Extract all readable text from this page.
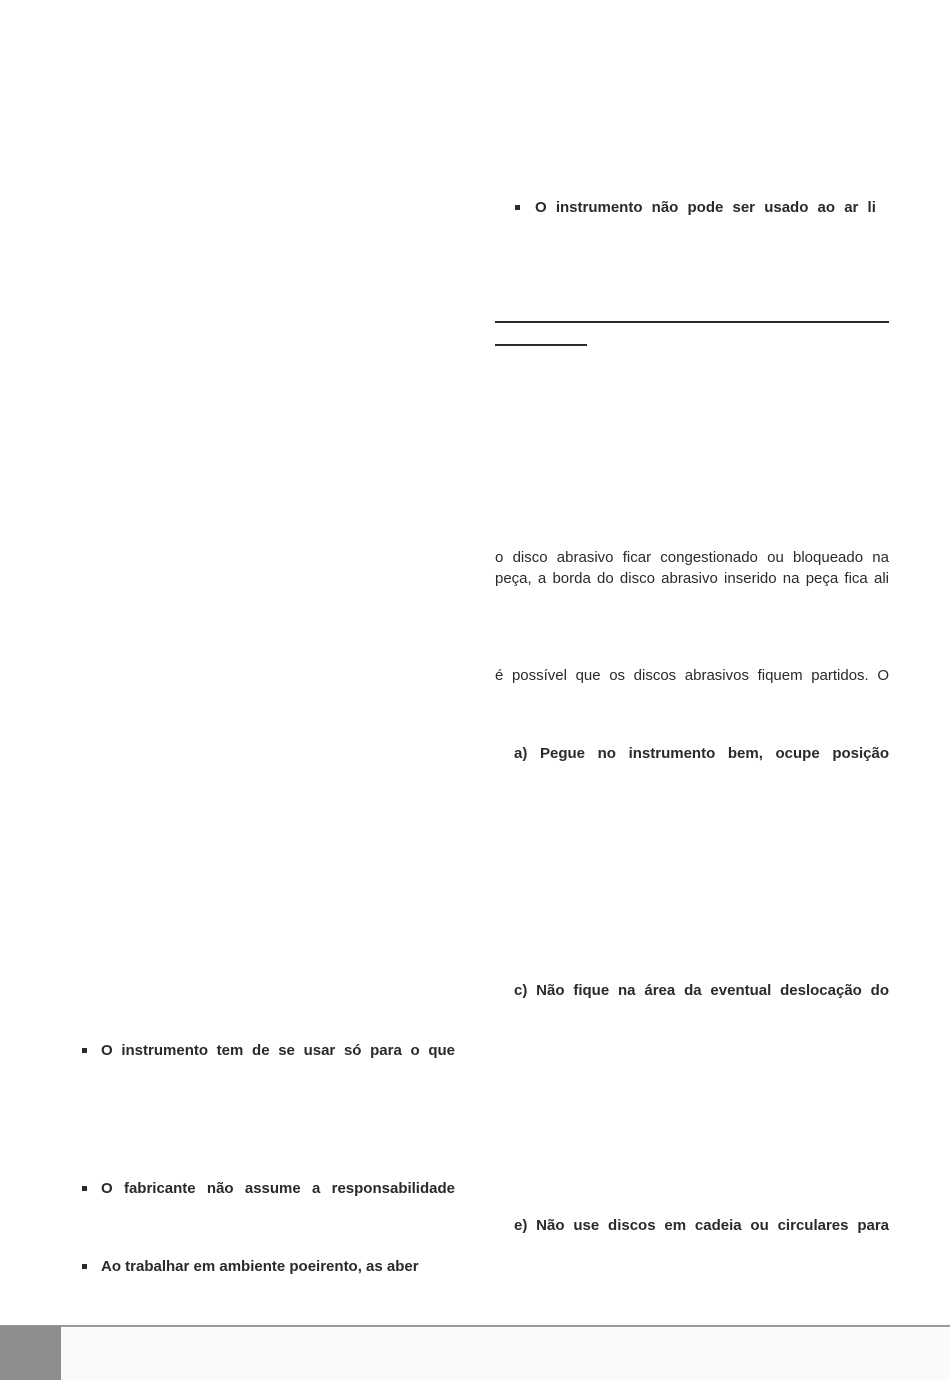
O instrumento não pode ser usado ao ar li
o disco abrasivo ficar congestionado ou bloqueado na
peça, a borda do disco abrasivo inserido na peça fica ali
é possível que os discos abrasivos fiquem partidos. O
a) Pegue no instrumento bem, ocupe posição
c) Não fique na área da eventual deslocação do
e) Não use discos em cadeia ou circulares para
O instrumento tem de se usar só para o que
O fabricante não assume a responsabilidade
Ao trabalhar em ambiente poeirento, as aber
